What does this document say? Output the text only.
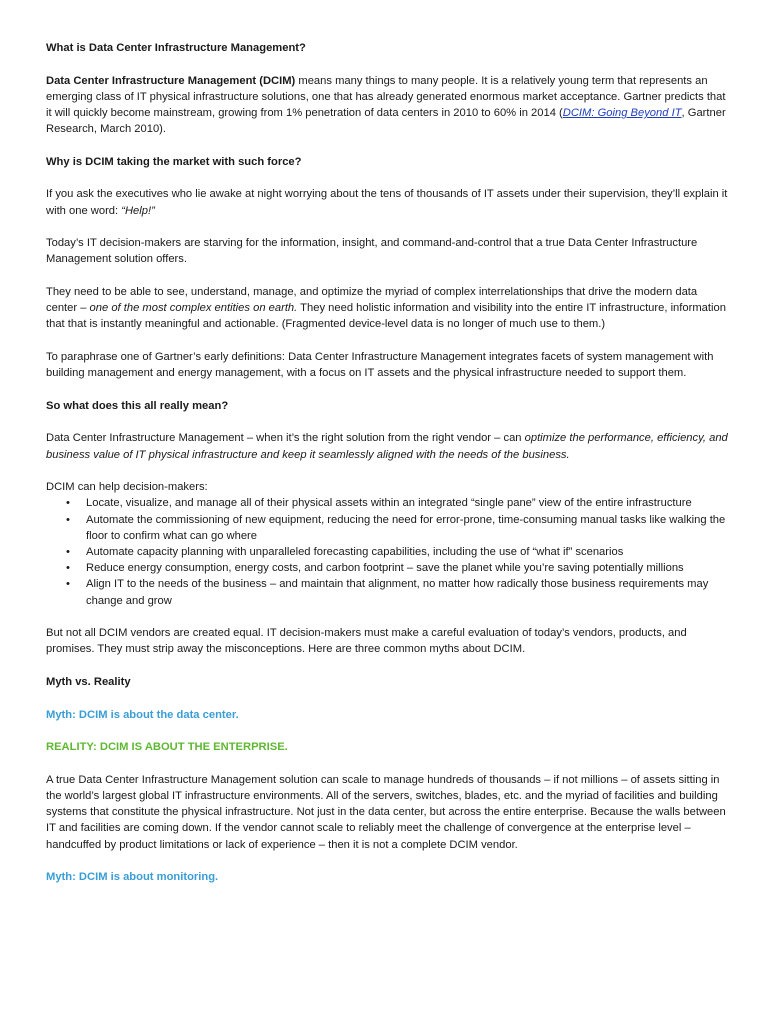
What is Data Center Infrastructure Management?

Data Center Infrastructure Management (DCIM) means many things to many people. It is a relatively young term that represents an emerging class of IT physical infrastructure solutions, one that has already generated enormous market acceptance. Gartner predicts that it will quickly become mainstream, growing from 1% penetration of data centers in 2010 to 60% in 2014 (DCIM: Going Beyond IT, Gartner Research, March 2010).

Why is DCIM taking the market with such force?

If you ask the executives who lie awake at night worrying about the tens of thousands of IT assets under their supervision, they’ll explain it with one word: “Help!”

Today’s IT decision-makers are starving for the information, insight, and command-and-control that a true Data Center Infrastructure Management solution offers.

They need to be able to see, understand, manage, and optimize the myriad of complex interrelationships that drive the modern data center – one of the most complex entities on earth. They need holistic information and visibility into the entire IT infrastructure, information that that is instantly meaningful and actionable. (Fragmented device-level data is no longer of much use to them.)

To paraphrase one of Gartner’s early definitions: Data Center Infrastructure Management integrates facets of system management with building management and energy management, with a focus on IT assets and the physical infrastructure needed to support them.

So what does this all really mean?

Data Center Infrastructure Management – when it’s the right solution from the right vendor – can optimize the performance, efficiency, and business value of IT physical infrastructure and keep it seamlessly aligned with the needs of the business.

DCIM can help decision-makers:

• Locate, visualize, and manage all of their physical assets within an integrated “single pane” view of the entire infrastructure
• Automate the commissioning of new equipment, reducing the need for error-prone, time-consuming manual tasks like walking the floor to confirm what can go where
• Automate capacity planning with unparalleled forecasting capabilities, including the use of “what if” scenarios
• Reduce energy consumption, energy costs, and carbon footprint – save the planet while you’re saving potentially millions
• Align IT to the needs of the business – and maintain that alignment, no matter how radically those business requirements may change and grow

But not all DCIM vendors are created equal. IT decision-makers must make a careful evaluation of today’s vendors, products, and promises. They must strip away the misconceptions. Here are three common myths about DCIM.

Myth vs. Reality

Myth: DCIM is about the data center.

REALITY: DCIM IS ABOUT THE ENTERPRISE.

A true Data Center Infrastructure Management solution can scale to manage hundreds of thousands – if not millions – of assets sitting in the world’s largest global IT infrastructure environments. All of the servers, switches, blades, etc. and the myriad of facilities and building systems that constitute the physical infrastructure. Not just in the data center, but across the entire enterprise. Because the walls between IT and facilities are coming down. If the vendor cannot scale to reliably meet the challenge of convergence at the enterprise level – handcuffed by product limitations or lack of experience – then it is not a complete DCIM vendor.

Myth: DCIM is about monitoring.
